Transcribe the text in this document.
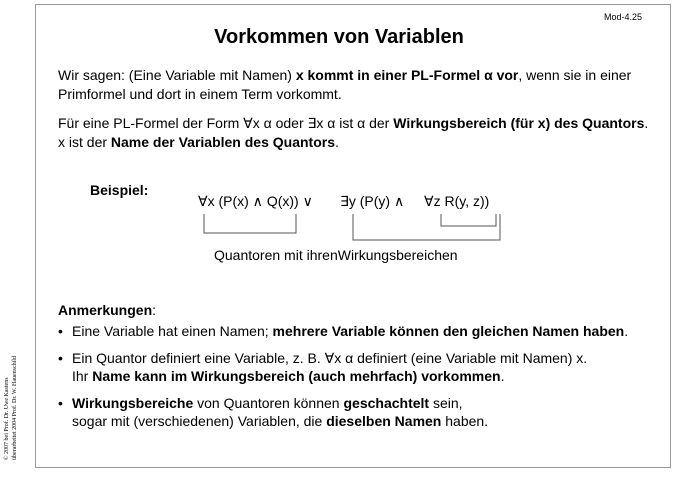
Mod-4.25
Vorkommen von Variablen
Wir sagen: (Eine Variable mit Namen) x kommt in einer PL-Formel α vor, wenn sie in einer Primformel und dort in einem Term vorkommt.
Für eine PL-Formel der Form ∀x α oder ∃x α ist α der Wirkungsbereich (für x) des Quantors. x ist der Name der Variablen des Quantors.
Beispiel:
∀x (P(x) ∧ Q(x)) ∨ ∃y (P(y) ∧ ∀z R(y, z))
Quantoren mit ihrenWirkungsbereichen
Anmerkungen:
• Eine Variable hat einen Namen; mehrere Variable können den gleichen Namen haben.
• Ein Quantor definiert eine Variable, z. B. ∀x α definiert (eine Variable mit Namen) x.
Ihr Name kann im Wirkungsbereich (auch mehrfach) vorkommen.
• Wirkungsbereiche von Quantoren können geschachtelt sein,
sogar mit (verschiedenen) Variablen, die dieselben Namen haben.
© 2007 bei Prof. Dr. Uwe Kastens überarbeitet 2004 Prof. Dr. W. Hauenschild
